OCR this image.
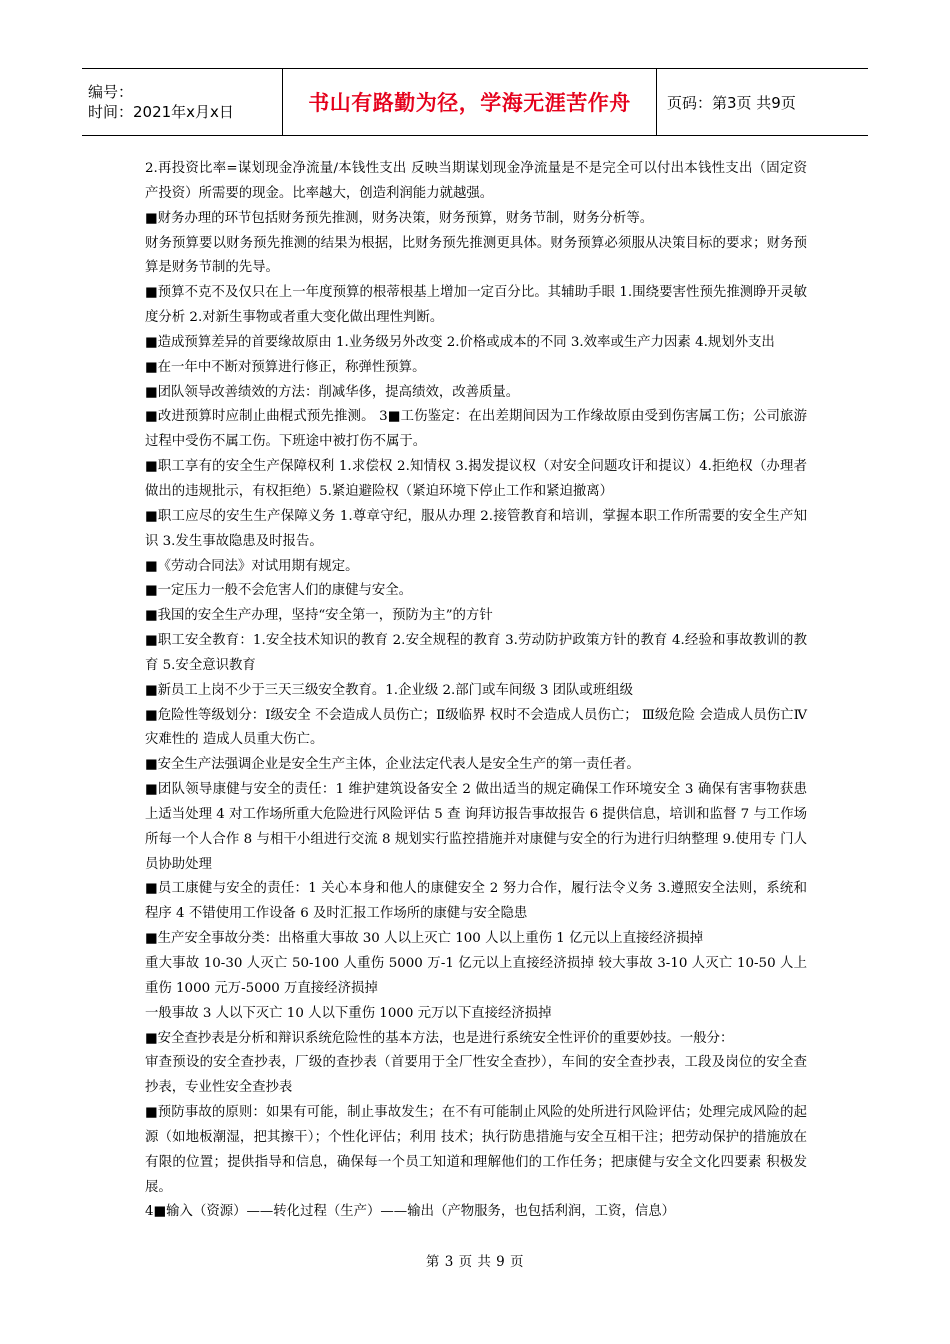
编号：
时间：2021年x月x日	书山有路勤为径，学海无涯苦作舟 页码：第3页 共9页

2.再投资比率=谋划现金净流量/本钱性支出 反映当期谋划现金净流量是不是完全可以付出本钱性支出（固定资产投资）所需要的现金。比率越大，创造利润能力就越强。

■财务办理的环节包括财务预先推测，财务决策，财务预算，财务节制，财务分析等。

财务预算要以财务预先推测的结果为根据，比财务预先推测更具体。财务预算必须服从决策目标的要求；财务预算是财务节制的先导。

■预算不克不及仅只在上一年度预算的根蒂根基上增加一定百分比。其辅助手眼 1.围绕要害性预先推测睁开灵敏度分析 2.对新生事物或者重大变化做出理性判断。

■造成预算差异的首要缘故原由 1.业务级另外改变 2.价格或成本的不同 3.效率或生产力因素 4.规划外支出

■在一年中不断对预算进行修正，称弹性预算。

■团队领导改善绩效的方法：削减华侈，提高绩效，改善质量。

■改进预算时应制止曲棍式预先推测。 3■工伤鉴定：在出差期间因为工作缘故原由受到伤害属工伤；公司旅游过程中受伤不属工伤。下班途中被打伤不属于。

■职工享有的安全生产保障权利 1.求偿权 2.知情权 3.揭发提议权（对安全问题攻讦和提议）4.拒绝权（办理者做出的违规批示，有权拒绝）5.紧迫避险权（紧迫环境下停止工作和紧迫撤离）

■职工应尽的安生生产保障义务 1.尊章守纪，服从办理 2.接管教育和培训，掌握本职工作所需要的安全生产知识 3.发生事故隐患及时报告。

■《劳动合同法》对试用期有规定。

■一定压力一般不会危害人们的康健与安全。

■我国的安全生产办理，坚持“安全第一，预防为主”的方针

■职工安全教育：1.安全技术知识的教育 2.安全规程的教育 3.劳动防护政策方针的教育 4.经验和事故教训的教育 5.安全意识教育

■新员工上岗不少于三天三级安全教育。1.企业级 2.部门或车间级 3 团队或班组级

■危险性等级划分：Ⅰ级安全 不会造成人员伤亡；Ⅱ级临界 权时不会造成人员伤亡； Ⅲ级危险 会造成人员伤亡Ⅳ 灾难性的 造成人员重大伤亡。

■安全生产法强调企业是安全生产主体，企业法定代表人是安全生产的第一责任者。

■团队领导康健与安全的责任：1 维护建筑设备安全 2 做出适当的规定确保工作环境安全 3 确保有害事物获患上适当处理 4 对工作场所重大危险进行风险评估 5 查 询拜访报告事故报告 6 提供信息，培训和监督 7 与工作场所每一个人合作 8 与相干小组进行交流 8 规划实行监控措施并对康健与安全的行为进行归纳整理 9.使用专 门人员协助处理

■员工康健与安全的责任：1 关心本身和他人的康健安全 2 努力合作，履行法令义务 3.遵照安全法则，系统和程序 4 不错使用工作设备 6 及时汇报工作场所的康健与安全隐患

■生产安全事故分类：出格重大事故 30 人以上灭亡 100 人以上重伤 1 亿元以上直接经济损掉

重大事故 10-30 人灭亡 50-100 人重伤 5000 万-1 亿元以上直接经济损掉 较大事故 3-10 人灭亡 10-50 人上重伤 1000 元万-5000 万直接经济损掉

一般事故 3 人以下灭亡 10 人以下重伤 1000 元万以下直接经济损掉

■安全查抄表是分析和辩识系统危险性的基本方法，也是进行系统安全性评价的重要妙技。一般分：

审查预设的安全查抄表，厂级的查抄表（首要用于全厂性安全查抄），车间的安全查抄表，工段及岗位的安全查抄表，专业性安全查抄表

■预防事故的原则：如果有可能，制止事故发生；在不有可能制止风险的处所进行风险评估；处理完成风险的起源（如地板潮湿，把其擦干）；个性化评估；利用 技术；执行防患措施与安全互相干注；把劳动保护的措施放在有限的位置；提供指导和信息，确保每一个员工知道和理解他们的工作任务；把康健与安全文化四要素 积极发展。

4■输入（资源）——转化过程（生产）——输出（产物服务，也包括利润，工资，信息）

第 3 页 共 9 页
